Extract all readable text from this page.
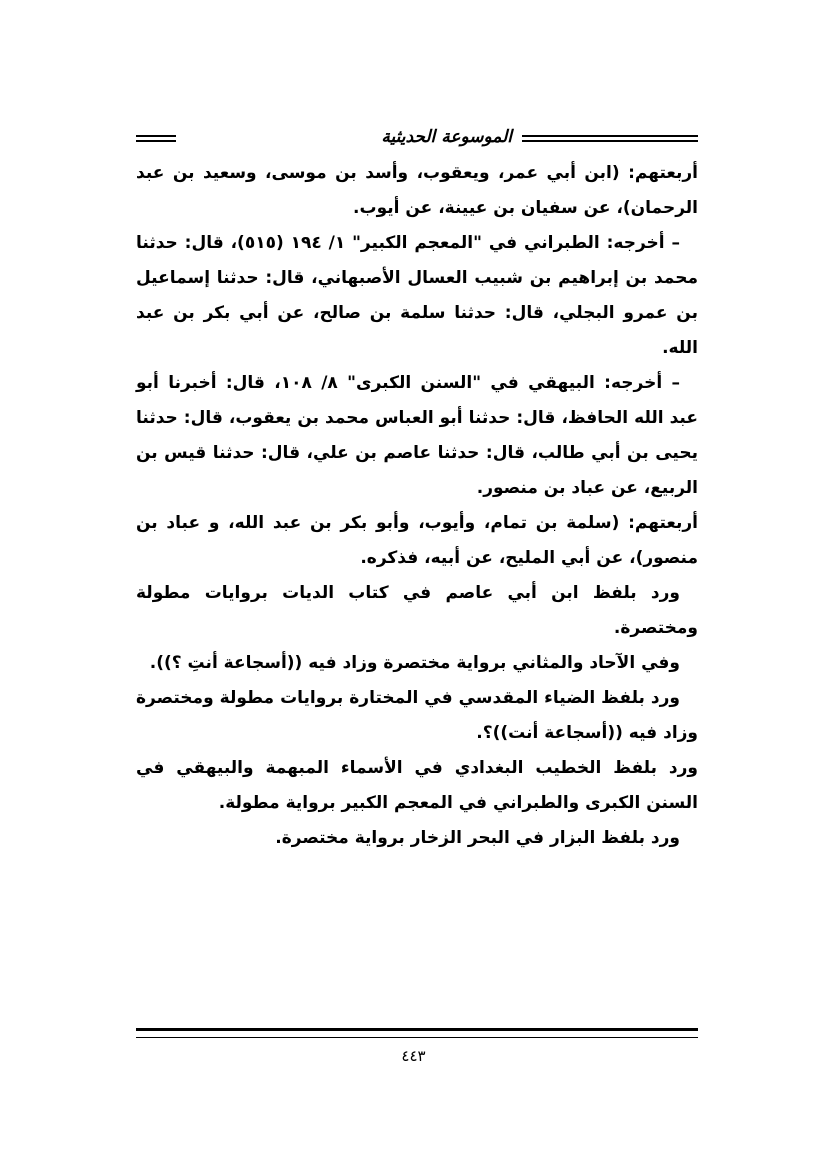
الموسوعة الحديثية

أربعتهم: (ابن أبي عمر، ويعقوب، وأسد بن موسى، وسعيد بن عبد الرحمان)، عن سفيان بن عيينة، عن أيوب.

– أخرجه: الطبراني في "المعجم الكبير" ١/ ١٩٤ (٥١٥)، قال: حدثنا محمد بن إبراهيم بن شبيب العسال الأصبهاني، قال: حدثنا إسماعيل بن عمرو البجلي، قال: حدثنا سلمة بن صالح، عن أبي بكر بن عبد الله.

– أخرجه: البيهقي في "السنن الكبرى" ٨/ ١٠٨، قال: أخبرنا أبو عبد الله الحافظ، قال: حدثنا أبو العباس محمد بن يعقوب، قال: حدثنا يحيى بن أبي طالب، قال: حدثنا عاصم بن علي، قال: حدثنا قيس بن الربيع، عن عباد بن منصور.

أربعتهم: (سلمة بن تمام، وأيوب، وأبو بكر بن عبد الله، و عباد بن منصور)، عن أبي المليح، عن أبيه، فذكره.

ورد بلفظ ابن أبي عاصم في كتاب الديات بروايات مطولة ومختصرة.

وفي الآحاد والمثاني برواية مختصرة وزاد فيه ((أسجاعة أنتِ ؟)).

ورد بلفظ الضياء المقدسي في المختارة بروايات مطولة ومختصرة وزاد فيه ((أسجاعة أنت))؟.

ورد بلفظ الخطيب البغدادي في الأسماء المبهمة والبيهقي في السنن الكبرى والطبراني في المعجم الكبير برواية مطولة.

ورد بلفظ البزار في البحر الزخار برواية مختصرة.

٤٤٣
